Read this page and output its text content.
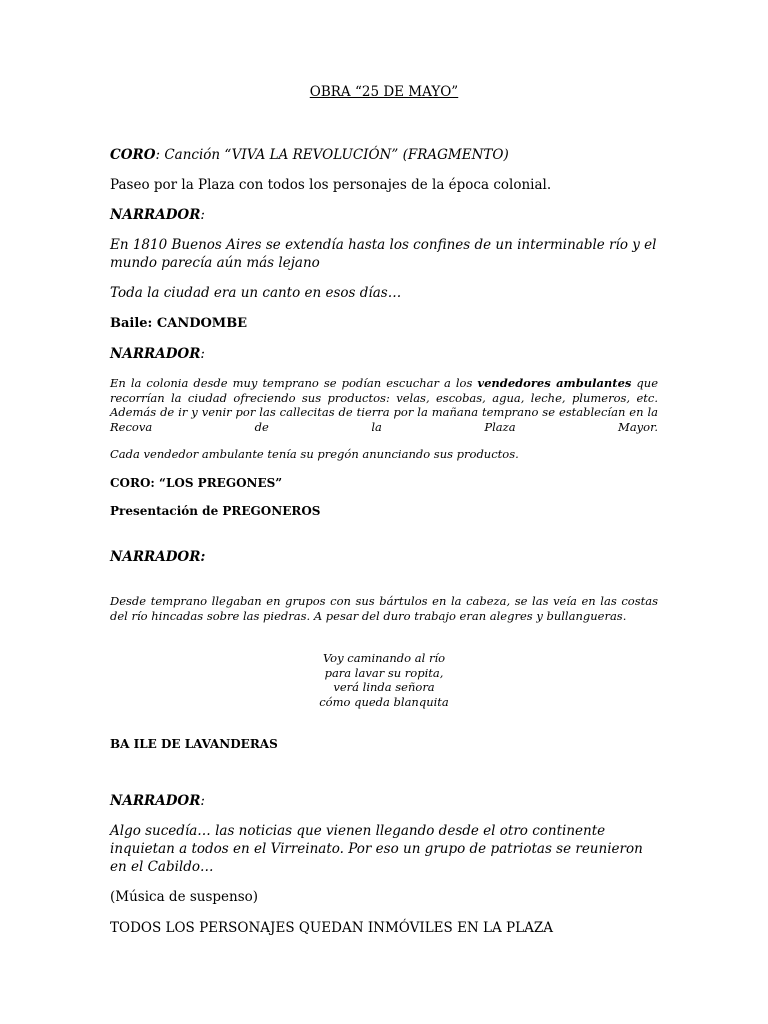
OBRA “25 DE MAYO”

CORO: Canción “VIVA LA REVOLUCIÓN” (FRAGMENTO)

Paseo por la Plaza con todos los personajes de la época colonial.

NARRADOR:

En 1810 Buenos Aires se extendía hasta los confines de un interminable río y el mundo parecía aún más lejano

Toda la ciudad era un canto en esos días…

Baile: CANDOMBE

NARRADOR:

En la colonia desde muy temprano se podían escuchar a los vendedores ambulantes que recorrían la ciudad ofreciendo sus productos: velas, escobas, agua, leche, plumeros, etc. Además de ir y venir por las callecitas de tierra por la mañana temprano se establecían en la Recova de la Plaza Mayor.

Cada vendedor ambulante tenía su pregón anunciando sus productos.

CORO: “LOS PREGONES”

Presentación de PREGONEROS

NARRADOR:

Desde temprano llegaban en grupos con sus bártulos en la cabeza, se las veía en las costas del río hincadas sobre las piedras. A pesar del duro trabajo eran alegres y bullangueras.

Voy caminando al río
para lavar su ropita,
verá linda señora
cómo queda blanquita

BA ILE DE LAVANDERAS

NARRADOR:

Algo sucedía… las noticias que vienen llegando desde el otro continente inquietan a todos en el Virreinato. Por eso un grupo de patriotas se reunieron en el Cabildo…

(Música de suspenso)

TODOS LOS PERSONAJES QUEDAN INMÓVILES EN LA PLAZA
